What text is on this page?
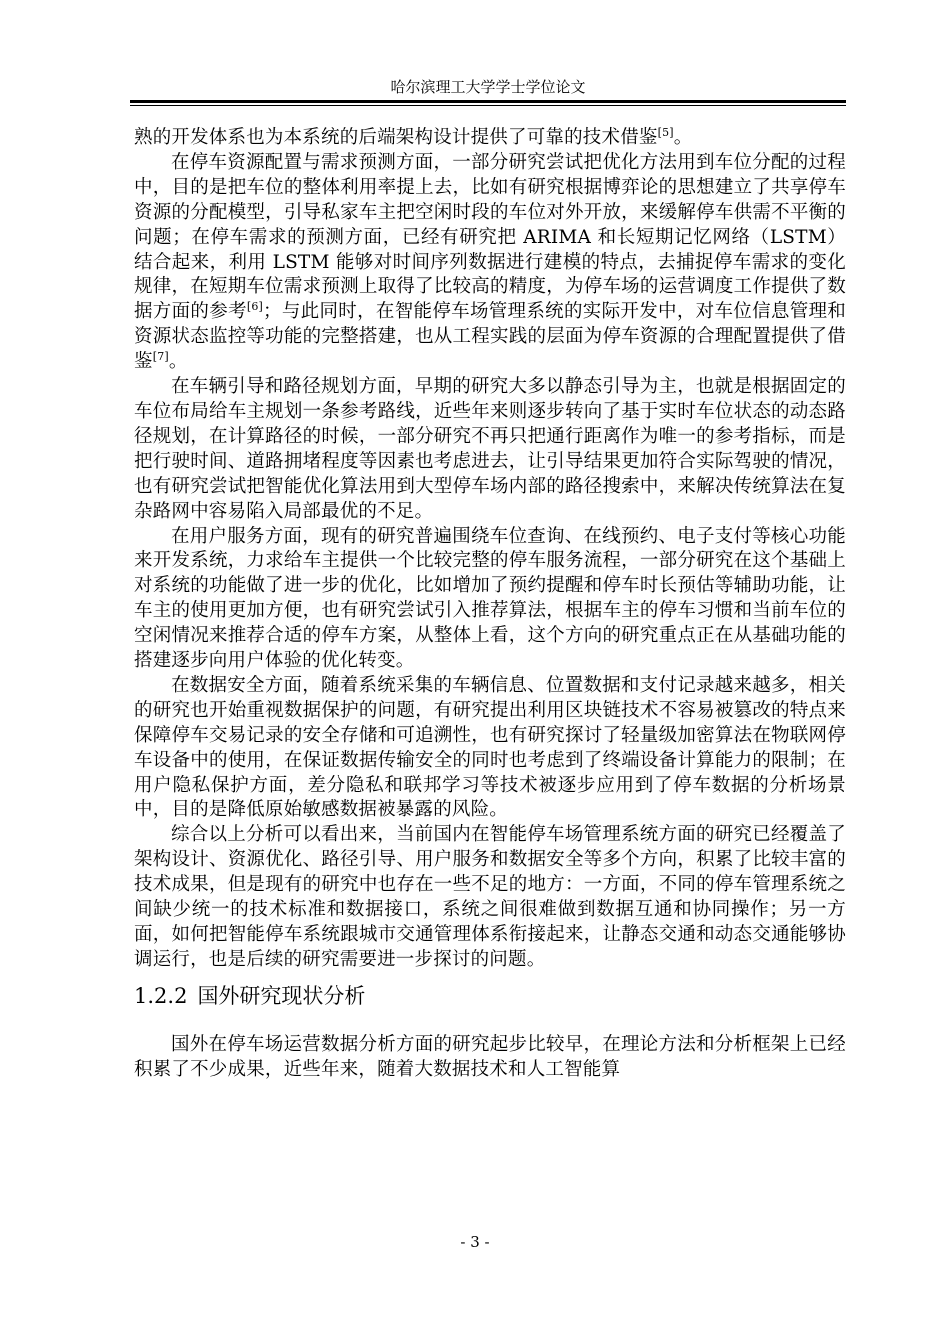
哈尔滨理工大学学士学位论文

熟的开发体系也为本系统的后端架构设计提供了可靠的技术借鉴[5]。

在停车资源配置与需求预测方面，一部分研究尝试把优化方法用到车位分配的过程中，目的是把车位的整体利用率提上去，比如有研究根据博弈论的思想建立了共享停车资源的分配模型，引导私家车主把空闲时段的车位对外开放，来缓解停车供需不平衡的问题；在停车需求的预测方面，已经有研究把 ARIMA 和长短期记忆网络（LSTM）结合起来，利用 LSTM 能够对时间序列数据进行建模的特点，去捕捉停车需求的变化规律，在短期车位需求预测上取得了比较高的精度，为停车场的运营调度工作提供了数据方面的参考[6]；与此同时，在智能停车场管理系统的实际开发中，对车位信息管理和资源状态监控等功能的完整搭建，也从工程实践的层面为停车资源的合理配置提供了借鉴[7]。

在车辆引导和路径规划方面，早期的研究大多以静态引导为主，也就是根据固定的车位布局给车主规划一条参考路线，近些年来则逐步转向了基于实时车位状态的动态路径规划，在计算路径的时候，一部分研究不再只把通行距离作为唯一的参考指标，而是把行驶时间、道路拥堵程度等因素也考虑进去，让引导结果更加符合实际驾驶的情况，也有研究尝试把智能优化算法用到大型停车场内部的路径搜索中，来解决传统算法在复杂路网中容易陷入局部最优的不足。

在用户服务方面，现有的研究普遍围绕车位查询、在线预约、电子支付等核心功能来开发系统，力求给车主提供一个比较完整的停车服务流程，一部分研究在这个基础上对系统的功能做了进一步的优化，比如增加了预约提醒和停车时长预估等辅助功能，让车主的使用更加方便，也有研究尝试引入推荐算法，根据车主的停车习惯和当前车位的空闲情况来推荐合适的停车方案，从整体上看，这个方向的研究重点正在从基础功能的搭建逐步向用户体验的优化转变。

在数据安全方面，随着系统采集的车辆信息、位置数据和支付记录越来越多，相关的研究也开始重视数据保护的问题，有研究提出利用区块链技术不容易被篡改的特点来保障停车交易记录的安全存储和可追溯性，也有研究探讨了轻量级加密算法在物联网停车设备中的使用，在保证数据传输安全的同时也考虑到了终端设备计算能力的限制；在用户隐私保护方面，差分隐私和联邦学习等技术被逐步应用到了停车数据的分析场景中，目的是降低原始敏感数据被暴露的风险。

综合以上分析可以看出来，当前国内在智能停车场管理系统方面的研究已经覆盖了架构设计、资源优化、路径引导、用户服务和数据安全等多个方向，积累了比较丰富的技术成果，但是现有的研究中也存在一些不足的地方：一方面，不同的停车管理系统之间缺少统一的技术标准和数据接口，系统之间很难做到数据互通和协同操作；另一方面，如何把智能停车系统跟城市交通管理体系衔接起来，让静态交通和动态交通能够协调运行，也是后续的研究需要进一步探讨的问题。

1.2.2 国外研究现状分析

国外在停车场运营数据分析方面的研究起步比较早，在理论方法和分析框架上已经积累了不少成果，近些年来，随着大数据技术和人工智能算

- 3 -
